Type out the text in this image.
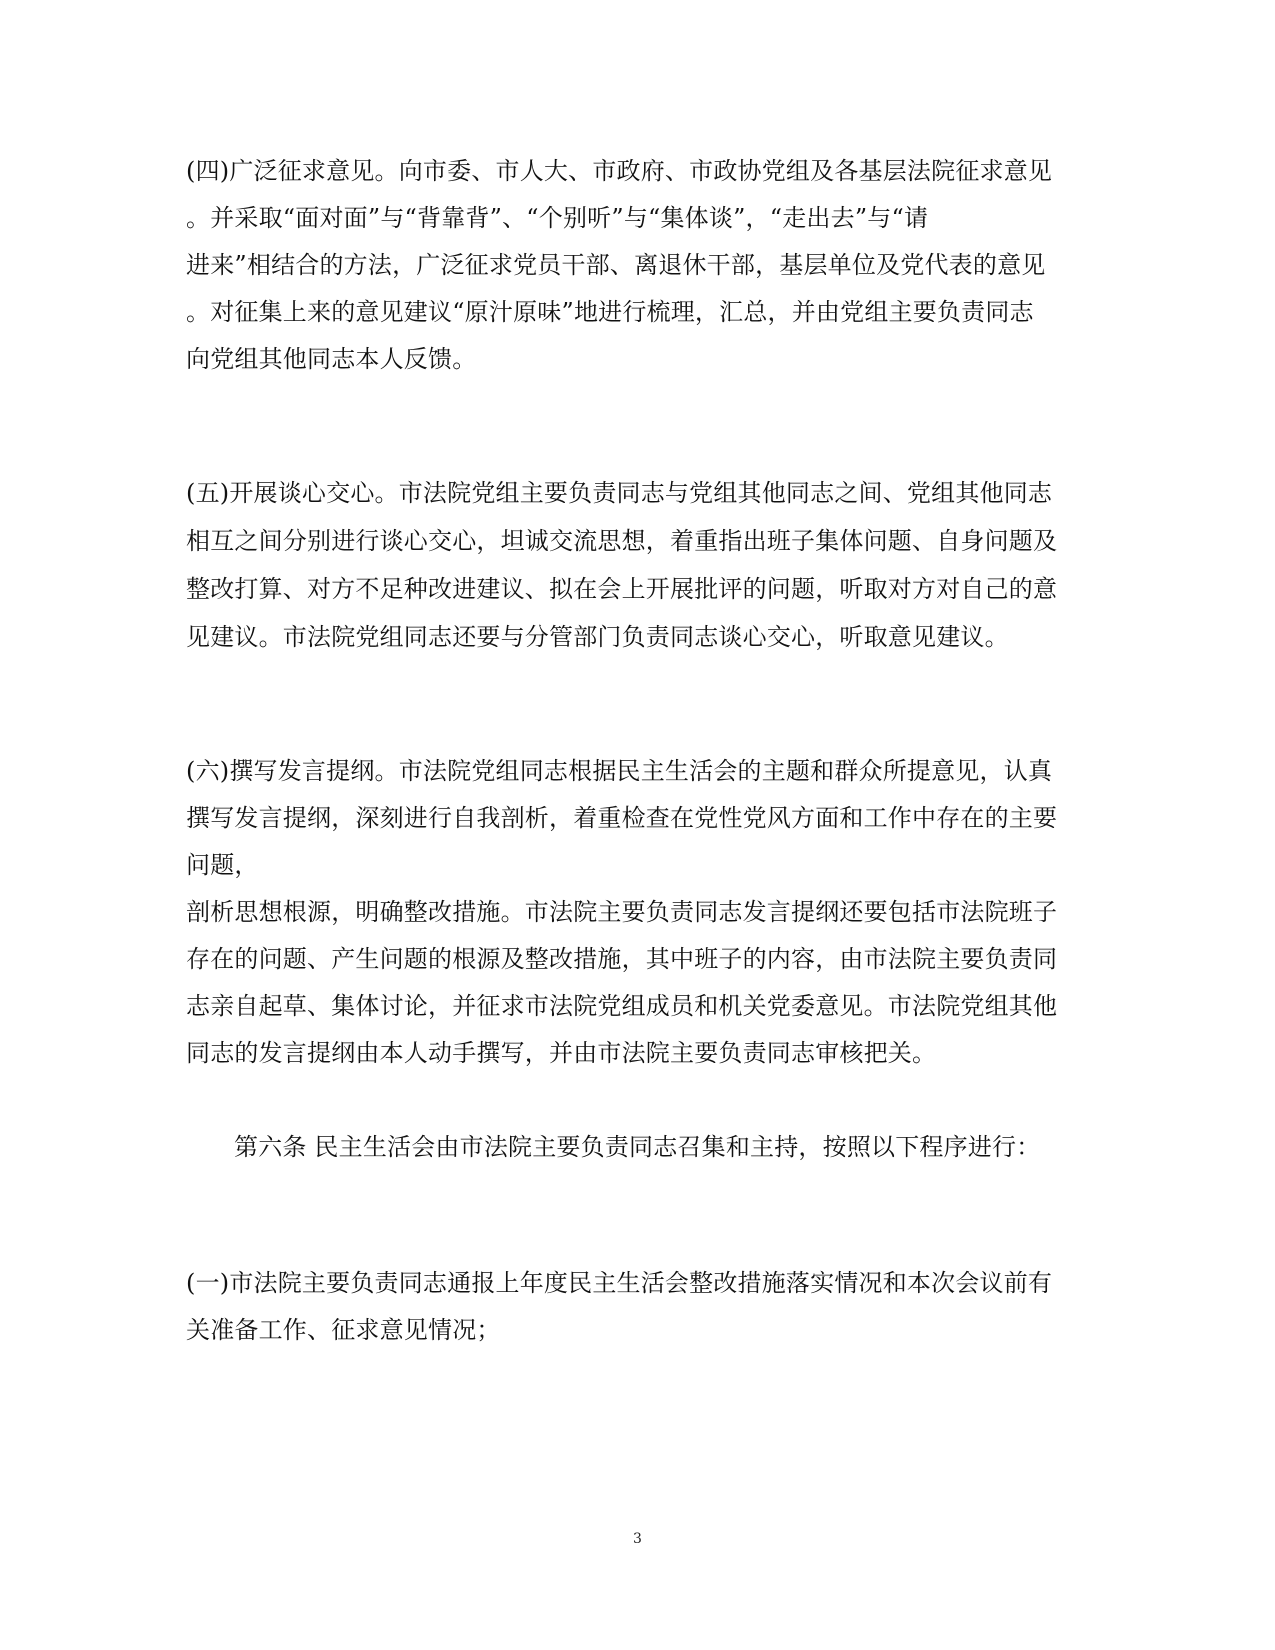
(四)广泛征求意见。向市委、市人大、市政府、市政协党组及各基层法院征求意见
。并采取“面对面”与“背靠背”、“个别听”与“集体谈”，“走出去”与“请
进来”相结合的方法，广泛征求党员干部、离退休干部，基层单位及党代表的意见
。对征集上来的意见建议“原汁原味”地进行梳理，汇总，并由党组主要负责同志
向党组其他同志本人反馈。
(五)开展谈心交心。市法院党组主要负责同志与党组其他同志之间、党组其他同志
相互之间分别进行谈心交心，坦诚交流思想，着重指出班子集体问题、自身问题及
整改打算、对方不足种改进建议、拟在会上开展批评的问题，听取对方对自己的意
见建议。市法院党组同志还要与分管部门负责同志谈心交心，听取意见建议。
(六)撰写发言提纲。市法院党组同志根据民主生活会的主题和群众所提意见，认真
撰写发言提纲，深刻进行自我剖析，着重检查在党性党风方面和工作中存在的主要
问题，
剖析思想根源，明确整改措施。市法院主要负责同志发言提纲还要包括市法院班子
存在的问题、产生问题的根源及整改措施，其中班子的内容，由市法院主要负责同
志亲自起草、集体讨论，并征求市法院党组成员和机关党委意见。市法院党组其他
同志的发言提纲由本人动手撰写，并由市法院主要负责同志审核把关。
第六条 民主生活会由市法院主要负责同志召集和主持，按照以下程序进行：
(一)市法院主要负责同志通报上年度民主生活会整改措施落实情况和本次会议前有
关准备工作、征求意见情况；
3
